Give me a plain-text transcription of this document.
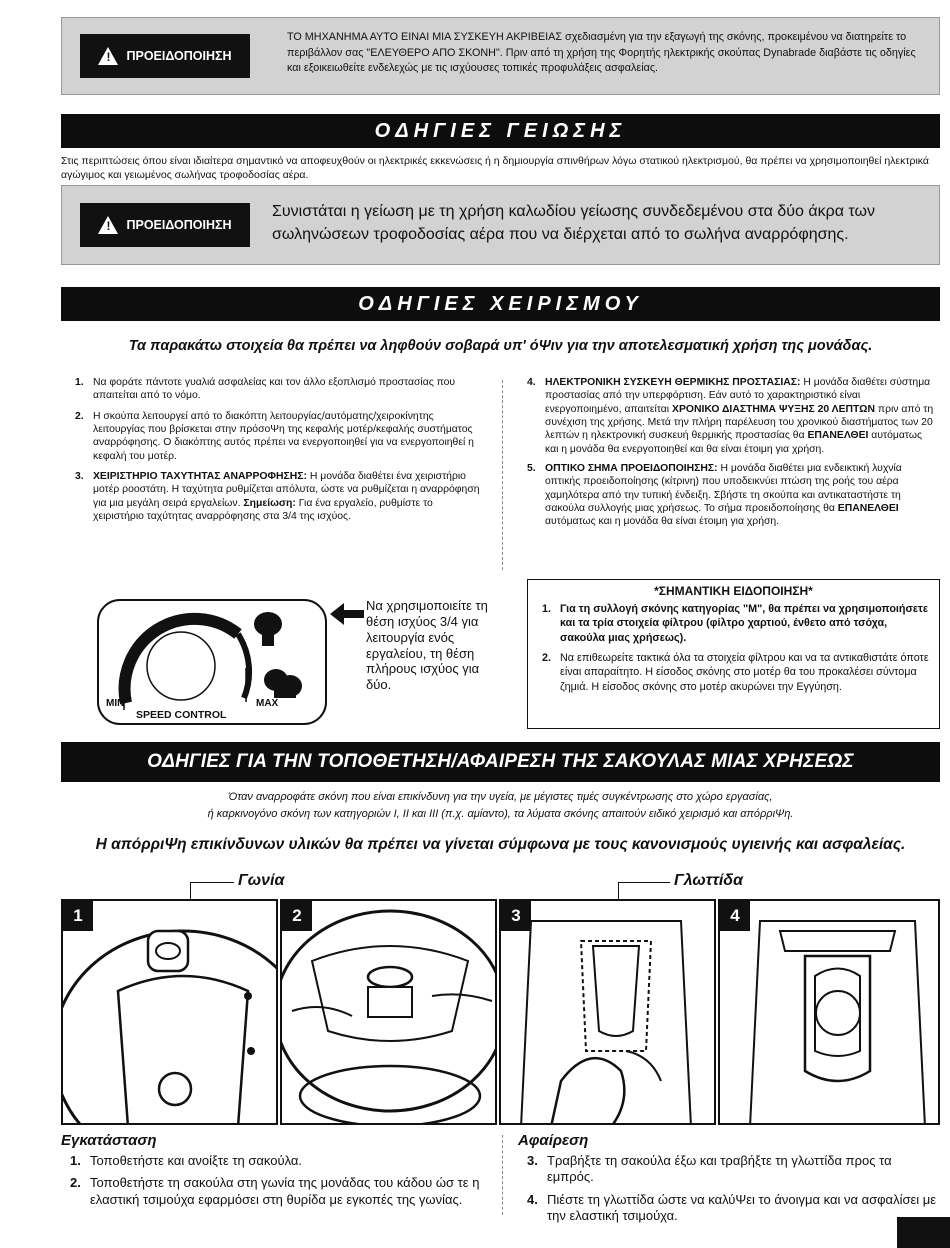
!
ΠΡΟΕΙΔΟΠΟΙΗΣΗ
ΤΟ ΜΗΧΑΝΗΜΑ ΑΥΤΟ ΕΙΝΑΙ ΜΙΑ ΣΥΣΚΕΥΗ ΑΚΡΙΒΕΙΑΣ σχεδιασμένη για την εξαγωγή της σκόνης, προκειμένου να διατηρείτε το περιβάλλον σας "ΕΛΕΥΘΕΡΟ ΑΠΟ ΣΚΟΝΗ". Πριν από τη χρήση της Φορητής ηλεκτρικής σκούπας Dynabrade διαβάστε τις οδηγίες και εξοικειωθείτε ενδελεχώς με τις ισχύουσες τοπικές προφυλάξεις ασφαλείας.
ΟΔΗΓΙΕΣ ΓΕΙΩΣΗΣ
Στις περιπτώσεις όπου είναι ιδιαίτερα σημαντικό να αποφευχθούν οι ηλεκτρικές εκκενώσεις ή η δημιουργία σπινθήρων λόγω στατικού ηλεκτρισμού, θα πρέπει να χρησιμοποιηθεί ηλεκτρικά αγώγιμος και γειωμένος σωλήνας τροφοδοσίας αέρα.
!
ΠΡΟΕΙΔΟΠΟΙΗΣΗ
Συνιστάται η γείωση με τη χρήση καλωδίου γείωσης συνδεδεμένου στα δύο άκρα των σωληνώσεων τροφοδοσίας αέρα που να διέρχεται από το σωλήνα αναρρόφησης.
ΟΔΗΓΙΕΣ ΧΕΙΡΙΣΜΟΥ
Τα παρακάτω στοιχεία θα πρέπει να ληφθούν σοβαρά υπ' όΨιν για την αποτελεσματική χρήση της μονάδας.
1. Να φοράτε πάντοτε γυαλιά ασφαλείας και τον άλλο εξοπλισμό προστασίας που απαιτείται από το νόμο.
2. Η σκούπα λειτουργεί από το διακόπτη λειτουργίας/αυτόματης/χειροκίνητης λειτουργίας που βρίσκεται στην πρόσοΨη της κεφαλής μοτέρ/κεφαλής συστήματος αναρρόφησης. Ο διακόπτης αυτός πρέπει να ενεργοποιηθεί για να ενεργοποιηθεί η κεφαλή του μοτέρ.
3. ΧΕΙΡΙΣΤΗΡΙΟ ΤΑΧΥΤΗΤΑΣ ΑΝΑΡΡΟΦΗΣΗΣ: Η μονάδα διαθέτει ένα χειριστήριο μοτέρ ροοστάτη. Η ταχύτητα ρυθμίζεται απόλυτα, ώστε να ρυθμίζεται η αναρρόφηση για μια μεγάλη σειρά εργαλείων. Σημείωση: Για ένα εργαλείο, ρυθμίστε το χειριστήριο ταχύτητας αναρρόφησης στα 3/4 της ισχύος.
4. ΗΛΕΚΤΡΟΝΙΚΗ ΣΥΣΚΕΥΗ ΘΕΡΜΙΚΗΣ ΠΡΟΣΤΑΣΙΑΣ: Η μονάδα διαθέτει σύστημα προστασίας από την υπερφόρτιση. Εάν αυτό το χαρακτηριστικό είναι ενεργοποιημένο, απαιτείται ΧΡΟΝΙΚΟ ΔΙΑΣΤΗΜΑ ΨΥΞΗΣ 20 ΛΕΠΤΩΝ πριν από τη συνέχιση της χρήσης. Μετά την πλήρη παρέλευση του χρονικού διαστήματος των 20 λεπτών η ηλεκτρονική συσκευή θερμικής προστασίας θα ΕΠΑΝΕΛΘΕΙ αυτόματως και η μονάδα θα ενεργοποιηθεί και θα είναι έτοιμη για χρήση.
5. ΟΠΤΙΚΟ ΣΗΜΑ ΠΡΟΕΙΔΟΠΟΙΗΣΗΣ: Η μονάδα διαθέτει μια ενδεικτική λυχνία οπτικής προειδοποίησης (κίτρινη) που υποδεικνύει πτώση της ροής του αέρα χαμηλότερα από την τυπική ένδειξη. Σβήστε τη σκούπα και αντικαταστήστε τη σακούλα συλλογής μιας χρήσεως. Το σήμα προειδοποίησης θα ΕΠΑΝΕΛΘΕΙ αυτόματως και η μονάδα θα είναι έτοιμη για χρήση.
MIN	MAX
SPEED CONTROL
Να χρησιμοποιείτε τη θέση ισχύος 3/4 για λειτουργία ενός εργαλείου, τη θέση πλήρους ισχύος για δύο.
*ΣΗΜΑΝΤΙΚΗ ΕΙΔΟΠΟΙΗΣΗ*
1. Για τη συλλογή σκόνης κατηγορίας "M", θα πρέπει να χρησιμοποιήσετε και τα τρία στοιχεία φίλτρου (φίλτρο χαρτιού, ένθετο από τσόχα, σακούλα μιας χρήσεως).
2. Να επιθεωρείτε τακτικά όλα τα στοιχεία φίλτρου και να τα αντικαθιστάτε όποτε είναι απαραίτητο. Η είσοδος σκόνης στο μοτέρ θα του προκαλέσει σύντομα ζημιά. Η είσοδος σκόνης στο μοτέρ ακυρώνει την Εγγύηση.
ΟΔΗΓΙΕΣ ΓΙΑ ΤΗΝ ΤΟΠΟΘΕΤΗΣΗ/ΑΦΑΙΡΕΣΗ ΤΗΣ ΣΑΚΟΥΛΑΣ ΜΙΑΣ ΧΡΗΣΕΩΣ
Όταν αναρροφάτε σκόνη που είναι επικίνδυνη για την υγεία, με μέγιστες τιμές συγκέντρωσης στο χώρο εργασίας,
ή καρκινογόνο σκόνη των κατηγοριών I, II και III (π.χ. αμίαντο), τα λύματα σκόνης απαιτούν ειδικό χειρισμό και απόρριΨη.
Η απόρριΨη επικίνδυνων υλικών θα πρέπει να γίνεται σύμφωνα με τους κανονισμούς υγιεινής και ασφαλείας.
Γωνία	Γλωττίδα
1	2	3	4
Εγκατάσταση
1. Τοποθετήστε και ανοίξτε τη σακούλα.
2. Τοποθετήστε τη σακούλα στη γωνία της μονάδας του κάδου ώσ τε η ελαστική τσιμούχα εφαρμόσει στη θυρίδα με εγκοπές της γωνίας.
Αφαίρεση
3. Τραβήξτε τη σακούλα έξω και τραβήξτε τη γλωττίδα προς τα εμπρός.
4. Πιέστε τη γλωττίδα ώστε να καλύΨει το άνοιγμα και να ασφαλίσει με την ελαστική τσιμούχα.
